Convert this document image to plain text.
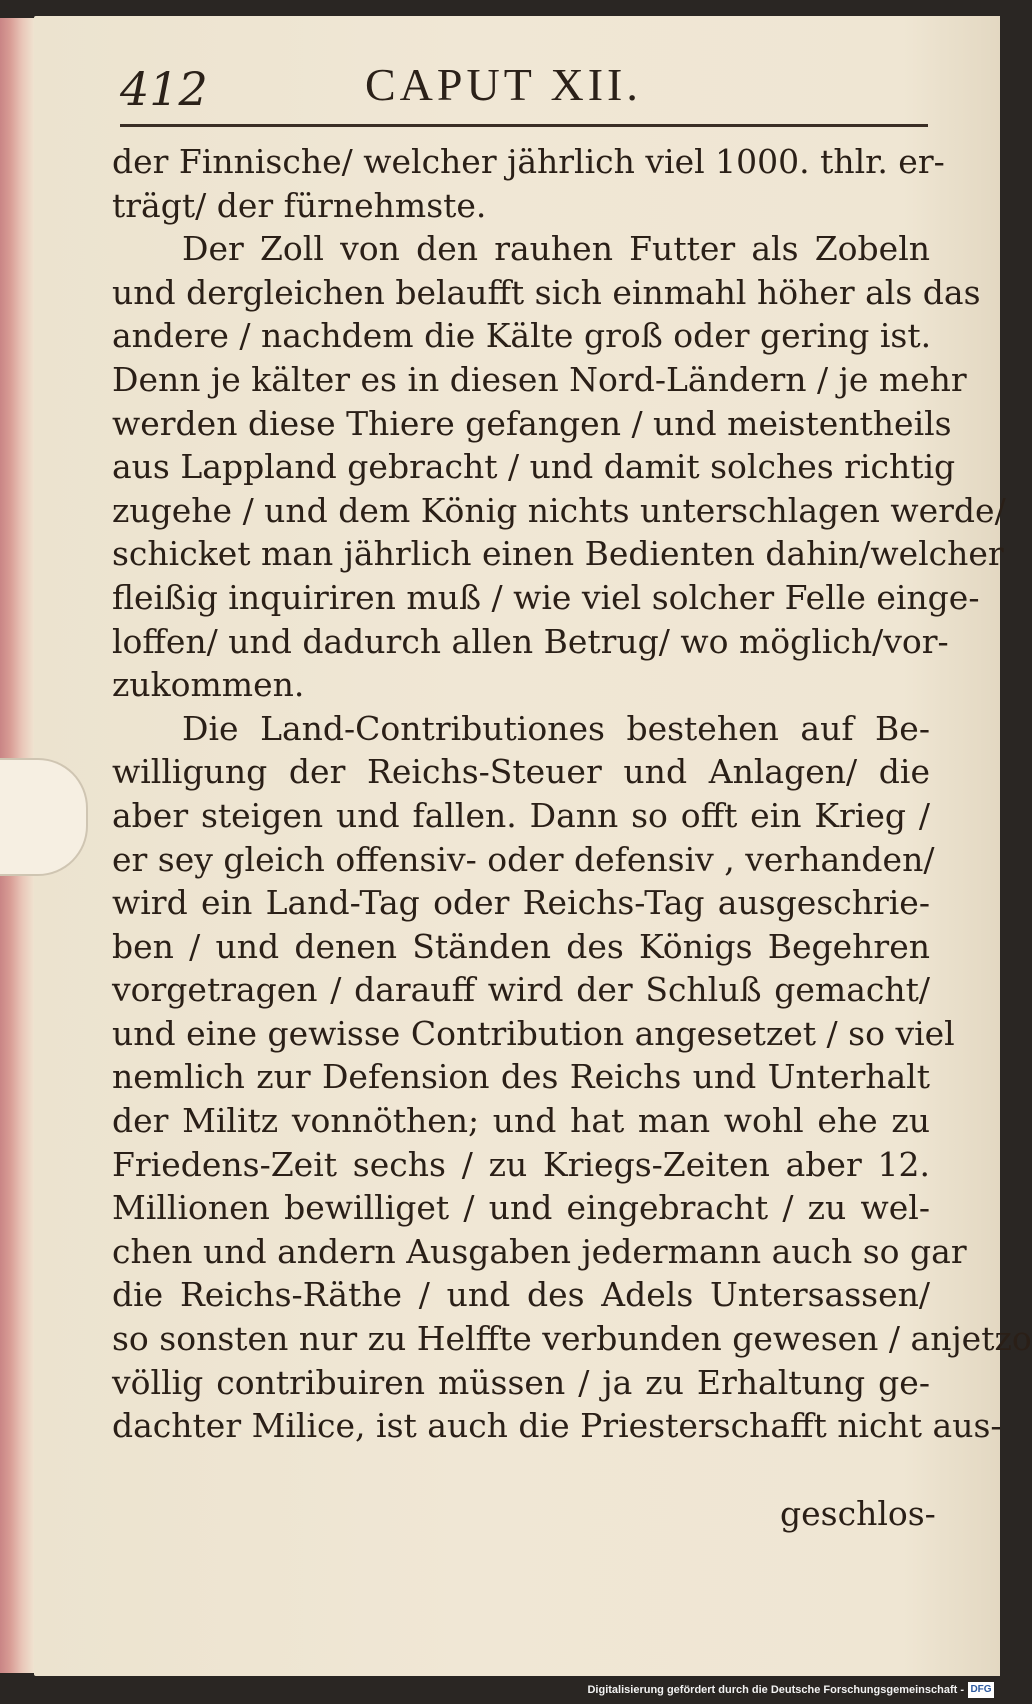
412	CAPUT XII.
der Finnische/ welcher jährlich viel 1000. thlr. er-
trägt/ der fürnehmste.
Der Zoll von den rauhen Futter als Zobeln
und dergleichen belaufft sich einmahl höher als das
andere / nachdem die Kälte groß oder gering ist.
Denn je kälter es in diesen Nord-Ländern / je mehr
werden diese Thiere gefangen / und meistentheils
aus Lappland gebracht / und damit solches richtig
zugehe / und dem König nichts unterschlagen werde/
schicket man jährlich einen Bedienten dahin/welcher
fleißig inquiriren muß / wie viel solcher Felle einge-
loffen/ und dadurch allen Betrug/ wo möglich/vor-
zukommen.
Die Land-Contributiones bestehen auf Be-
willigung der Reichs-Steuer und Anlagen/ die
aber steigen und fallen. Dann so offt ein Krieg /
er sey gleich offensiv- oder defensiv , verhanden/
wird ein Land-Tag oder Reichs-Tag ausgeschrie-
ben / und denen Ständen des Königs Begehren
vorgetragen / darauff wird der Schluß gemacht/
und eine gewisse Contribution angesetzet / so viel
nemlich zur Defension des Reichs und Unterhalt
der Militz vonnöthen; und hat man wohl ehe zu
Friedens-Zeit sechs / zu Kriegs-Zeiten aber 12.
Millionen bewilliget / und eingebracht / zu wel-
chen und andern Ausgaben jedermann auch so gar
die Reichs-Räthe / und des Adels Untersassen/
so sonsten nur zu Helffte verbunden gewesen / anjetzo
völlig contribuiren müssen / ja zu Erhaltung ge-
dachter Milice, ist auch die Priesterschafft nicht aus-
geschlos-
Digitalisierung gefördert durch die Deutsche Forschungsgemeinschaft - DFG
